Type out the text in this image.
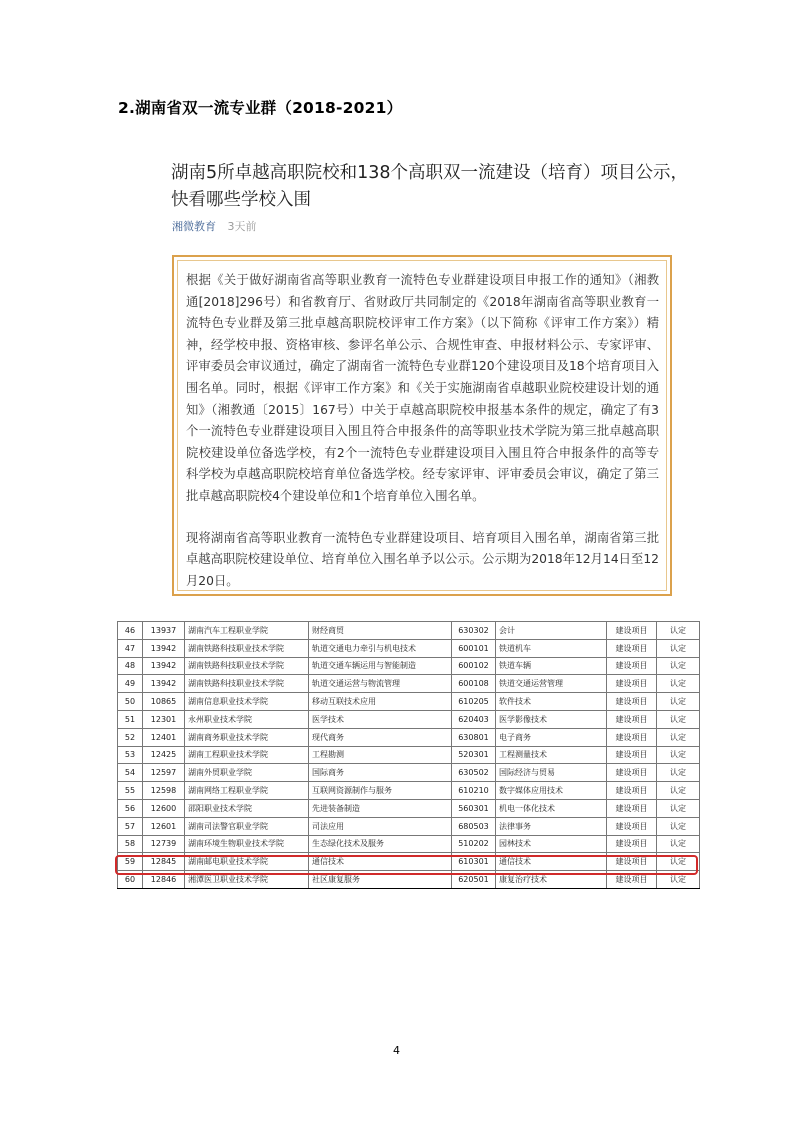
2.湖南省双一流专业群（2018-2021）
湖南5所卓越高职院校和138个高职双一流建设（培育）项目公示，快看哪些学校入围
湘微教育 3天前

根据《关于做好湖南省高等职业教育一流特色专业群建设项目申报工作的通知》（湘教通[2018]296号）和省教育厅、省财政厅共同制定的《2018年湖南省高等职业教育一流特色专业群及第三批卓越高职院校评审工作方案》（以下简称《评审工作方案》）精神，经学校申报、资格审核、参评名单公示、合规性审查、申报材料公示、专家评审、评审委员会审议通过，确定了湖南省一流特色专业群120个建设项目及18个培育项目入围名单。同时，根据《评审工作方案》和《关于实施湖南省卓越职业院校建设计划的通知》（湘教通〔2015〕167号）中关于卓越高职院校申报基本条件的规定，确定了有3个一流特色专业群建设项目入围且符合申报条件的高等职业技术学院为第三批卓越高职院校建设单位备选学校，有2个一流特色专业群建设项目入围且符合申报条件的高等专科学校为卓越高职院校培育单位备选学校。经专家评审、评审委员会审议，确定了第三批卓越高职院校4个建设单位和1个培育单位入围名单。

现将湖南省高等职业教育一流特色专业群建设项目、培育项目入围名单，湖南省第三批卓越高职院校建设单位、培育单位入围名单予以公示。公示期为2018年12月14日至12月20日。

46	13937	湖南汽车工程职业学院	财经商贸	630302	会计	建设项目	认定
47	13942	湖南铁路科技职业技术学院	轨道交通电力牵引与机电技术	600101	铁道机车	建设项目	认定
48	13942	湖南铁路科技职业技术学院	轨道交通车辆运用与智能制造	600102	铁道车辆	建设项目	认定
49	13942	湖南铁路科技职业技术学院	轨道交通运营与物流管理	600108	铁道交通运营管理	建设项目	认定
50	10865	湖南信息职业技术学院	移动互联技术应用	610205	软件技术	建设项目	认定
51	12301	永州职业技术学院	医学技术	620403	医学影像技术	建设项目	认定
52	12401	湖南商务职业技术学院	现代商务	630801	电子商务	建设项目	认定
53	12425	湖南工程职业技术学院	工程勘测	520301	工程测量技术	建设项目	认定
54	12597	湖南外贸职业学院	国际商务	630502	国际经济与贸易	建设项目	认定
55	12598	湖南网络工程职业学院	互联网资源制作与服务	610210	数字媒体应用技术	建设项目	认定
56	12600	邵阳职业技术学院	先进装备制造	560301	机电一体化技术	建设项目	认定
57	12601	湖南司法警官职业学院	司法应用	680503	法律事务	建设项目	认定
58	12739	湖南环境生物职业技术学院	生态绿化技术及服务	510202	园林技术	建设项目	认定
59	12845	湖南邮电职业技术学院	通信技术	610301	通信技术	建设项目	认定
60	12846	湘潭医卫职业技术学院	社区康复服务	620501	康复治疗技术	建设项目	认定
4
